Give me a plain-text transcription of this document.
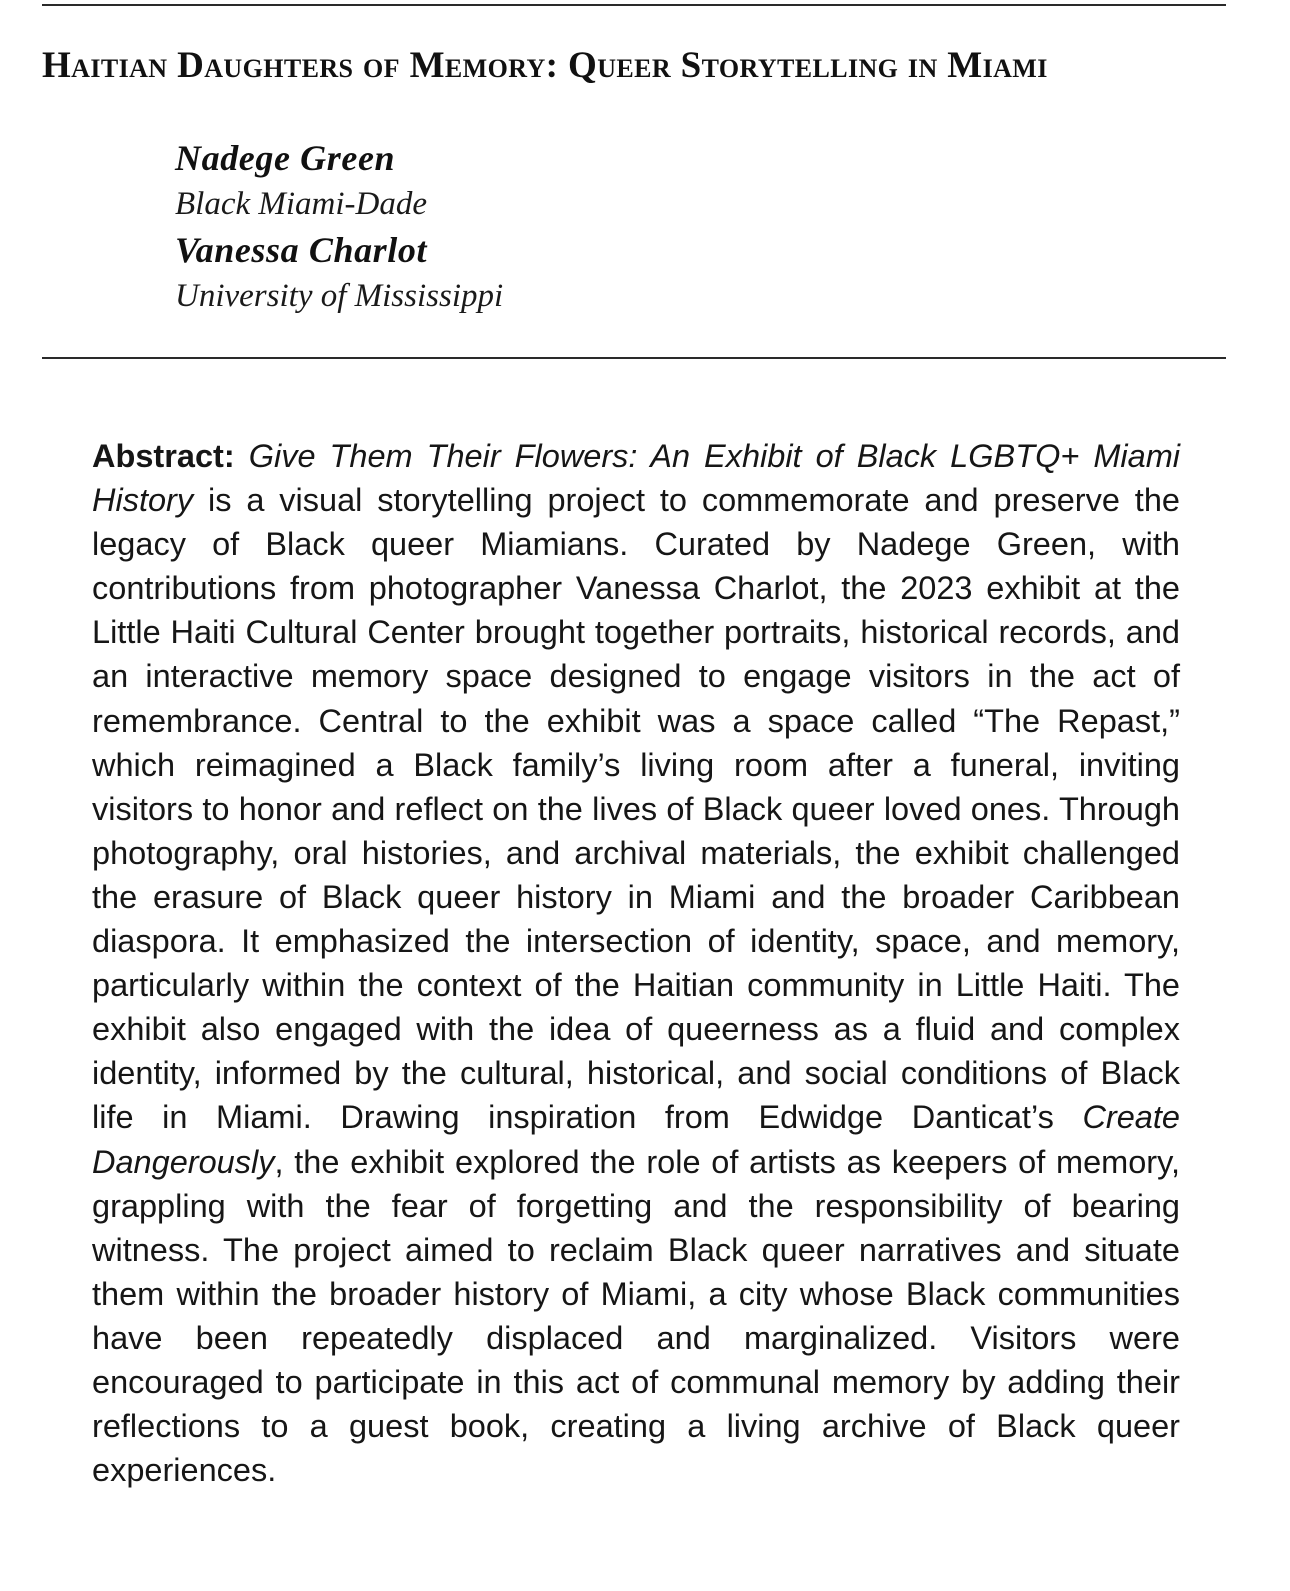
Haitian Daughters of Memory: Queer Storytelling in Miami
Nadege Green
Black Miami-Dade
Vanessa Charlot
University of Mississippi

Abstract: Give Them Their Flowers: An Exhibit of Black LGBTQ+ Miami History is a visual storytelling project to commemorate and preserve the legacy of Black queer Miamians. Curated by Nadege Green, with contributions from photographer Vanessa Charlot, the 2023 exhibit at the Little Haiti Cultural Center brought together portraits, historical records, and an interactive memory space designed to engage visitors in the act of remembrance. Central to the exhibit was a space called “The Repast,” which reimagined a Black family’s living room after a funeral, inviting visitors to honor and reflect on the lives of Black queer loved ones. Through photography, oral histories, and archival materials, the exhibit challenged the erasure of Black queer history in Miami and the broader Caribbean diaspora. It emphasized the intersection of identity, space, and memory, particularly within the context of the Haitian community in Little Haiti. The exhibit also engaged with the idea of queerness as a fluid and complex identity, informed by the cultural, historical, and social conditions of Black life in Miami. Drawing inspiration from Edwidge Danticat’s Create Dangerously, the exhibit explored the role of artists as keepers of memory, grappling with the fear of forgetting and the responsibility of bearing witness. The project aimed to reclaim Black queer narratives and situate them within the broader history of Miami, a city whose Black communities have been repeatedly displaced and marginalized. Visitors were encouraged to participate in this act of communal memory by adding their reflections to a guest book, creating a living archive of Black queer experiences.
